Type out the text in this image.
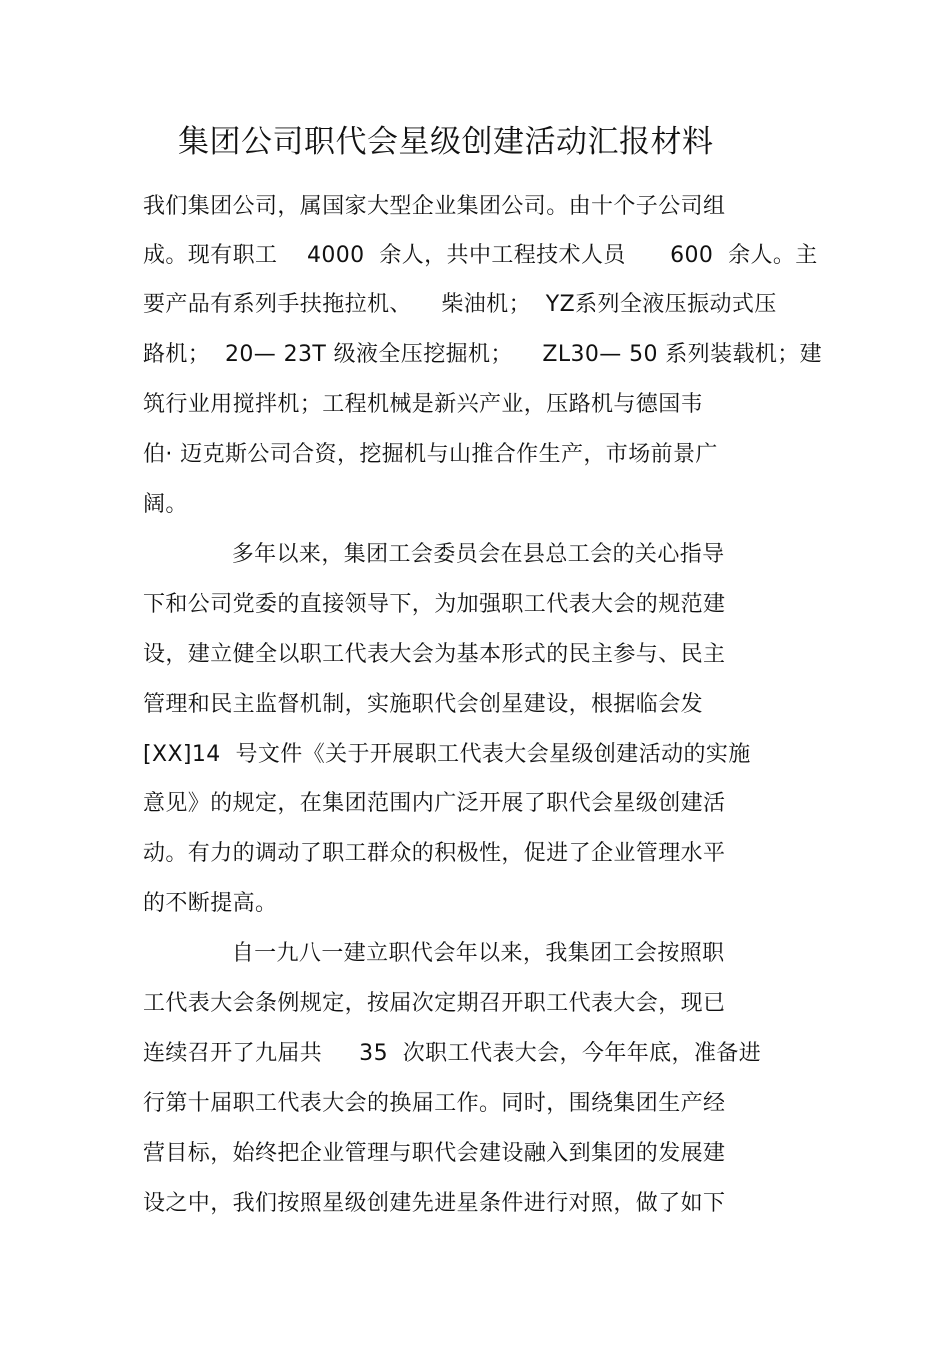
集团公司职代会星级创建活动汇报材料
我们集团公司，属国家大型企业集团公司。由十个子公司组
成。现有职工    4000  余人，共中工程技术人员      600  余人。主
要产品有系列手扶拖拉机、    柴油机；  YZ系列全液压振动式压
路机；  20— 23T 级液全压挖掘机；    ZL30— 50 系列装载机；建
筑行业用搅拌机；工程机械是新兴产业，压路机与德国韦
伯· 迈克斯公司合资，挖掘机与山推合作生产，市场前景广
阔。
多年以来，集团工会委员会在县总工会的关心指导
下和公司党委的直接领导下，为加强职工代表大会的规范建
设，建立健全以职工代表大会为基本形式的民主参与、民主
管理和民主监督机制，实施职代会创星建设，根据临会发
[XX]14  号文件《关于开展职工代表大会星级创建活动的实施
意见》的规定，在集团范围内广泛开展了职代会星级创建活
动。有力的调动了职工群众的积极性，促进了企业管理水平
的不断提高。
自一九八一建立职代会年以来，我集团工会按照职
工代表大会条例规定，按届次定期召开职工代表大会，现已
连续召开了九届共     35  次职工代表大会，今年年底，准备进
行第十届职工代表大会的换届工作。同时，围绕集团生产经
营目标，始终把企业管理与职代会建设融入到集团的发展建
设之中，我们按照星级创建先进星条件进行对照，做了如下
